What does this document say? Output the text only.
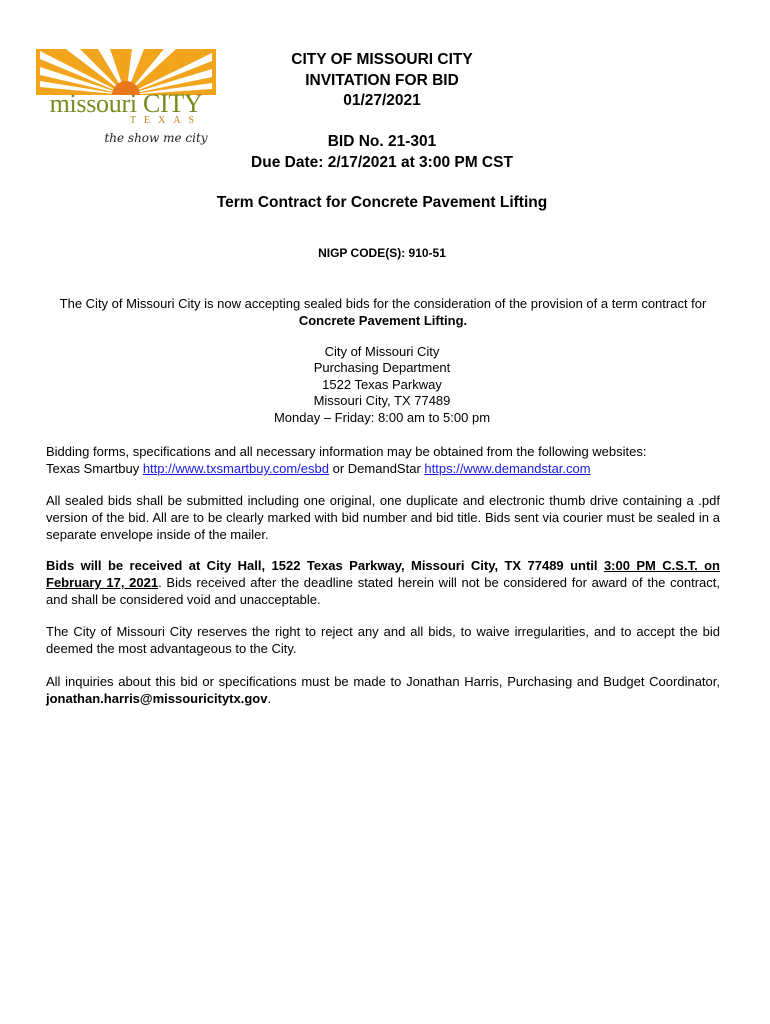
missouri CITY
TEXAS
the show me city
CITY OF MISSOURI CITY
INVITATION FOR BID
01/27/2021
BID No. 21-301
Due Date: 2/17/2021 at 3:00 PM CST
Term Contract for Concrete Pavement Lifting
NIGP CODE(S): 910-51
The City of Missouri City is now accepting sealed bids for the consideration of the provision of a term contract for Concrete Pavement Lifting.
City of Missouri City
Purchasing Department
1522 Texas Parkway
Missouri City, TX 77489
Monday – Friday: 8:00 am to 5:00 pm
Bidding forms, specifications and all necessary information may be obtained from the following websites:
Texas Smartbuy http://www.txsmartbuy.com/esbd or DemandStar https://www.demandstar.com
All sealed bids shall be submitted including one original, one duplicate and electronic thumb drive containing a .pdf version of the bid. All are to be clearly marked with bid number and bid title. Bids sent via courier must be sealed in a separate envelope inside of the mailer.
Bids will be received at City Hall, 1522 Texas Parkway, Missouri City, TX 77489 until 3:00 PM C.S.T. on February 17, 2021. Bids received after the deadline stated herein will not be considered for award of the contract, and shall be considered void and unacceptable.
The City of Missouri City reserves the right to reject any and all bids, to waive irregularities, and to accept the bid deemed the most advantageous to the City.
All inquiries about this bid or specifications must be made to Jonathan Harris, Purchasing and Budget Coordinator, jonathan.harris@missouricitytx.gov.
